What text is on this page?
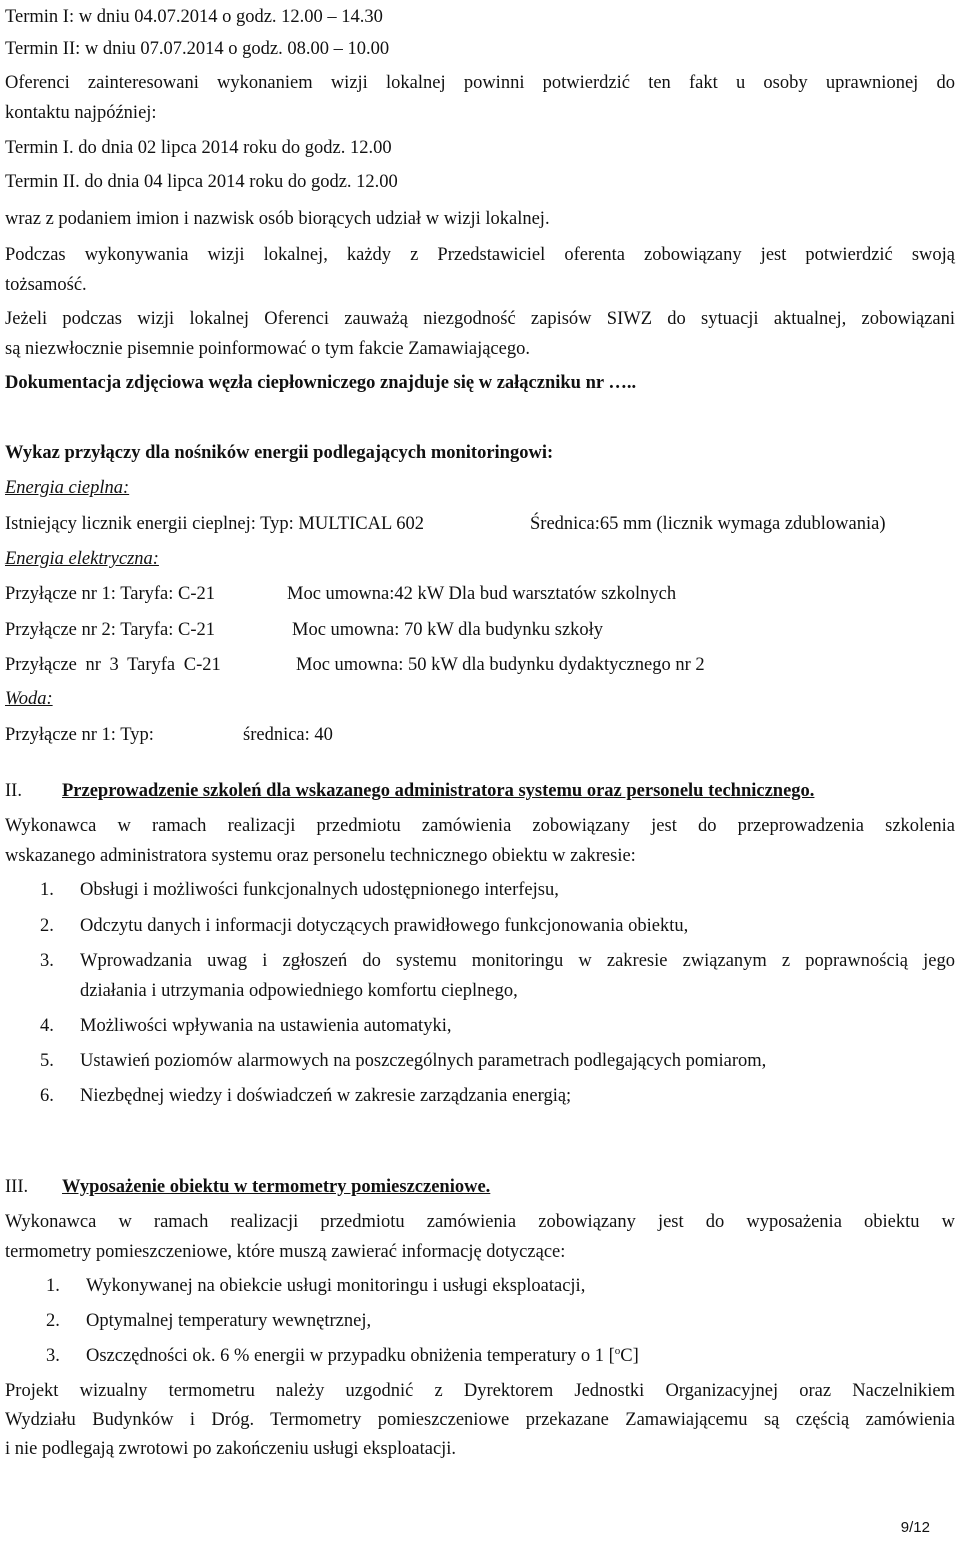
Termin I: w dniu 04.07.2014 o godz. 12.00 – 14.30
Termin II: w dniu 07.07.2014 o godz. 08.00 – 10.00
Oferenci zainteresowani wykonaniem wizji lokalnej powinni potwierdzić ten fakt u osoby uprawnionej do
kontaktu najpóźniej:
Termin I. do dnia 02 lipca 2014 roku do godz. 12.00
Termin II. do dnia 04 lipca 2014 roku do godz. 12.00
wraz z podaniem imion i nazwisk osób biorących udział w wizji lokalnej.
Podczas wykonywania wizji lokalnej, każdy z Przedstawiciel oferenta zobowiązany jest potwierdzić swoją
tożsamość.
Jeżeli podczas wizji lokalnej Oferenci zauważą niezgodność zapisów SIWZ do sytuacji aktualnej, zobowiązani
są niezwłocznie pisemnie poinformować o tym fakcie Zamawiającego.
Dokumentacja zdjęciowa węzła ciepłowniczego znajduje się w załączniku nr …..
Wykaz przyłączy dla nośników energii podlegających monitoringowi:
Energia cieplna:
Istniejący licznik energii cieplnej: Typ: MULTICAL 602	Średnica:65 mm (licznik wymaga zdublowania)
Energia elektryczna:
Przyłącze nr 1: Taryfa: C-21	Moc umowna:42 kW Dla bud warsztatów szkolnych
Przyłącze nr 2: Taryfa: C-21	Moc umowna: 70 kW dla budynku szkoły
Przyłącze nr 3 Taryfa C-21	Moc umowna: 50 kW dla budynku dydaktycznego nr 2
Woda:
Przyłącze nr 1: Typ:	średnica: 40
II. Przeprowadzenie szkoleń dla wskazanego administratora systemu oraz personelu technicznego.
Wykonawca w ramach realizacji przedmiotu zamówienia zobowiązany jest do przeprowadzenia szkolenia
wskazanego administratora systemu oraz personelu technicznego obiektu w zakresie:
1. Obsługi i możliwości funkcjonalnych udostępnionego interfejsu,
2. Odczytu danych i informacji dotyczących prawidłowego funkcjonowania obiektu,
3. Wprowadzania uwag i zgłoszeń do systemu monitoringu w zakresie związanym z poprawnością jego
działania i utrzymania odpowiedniego komfortu cieplnego,
4. Możliwości wpływania na ustawienia automatyki,
5. Ustawień poziomów alarmowych na poszczególnych parametrach podlegających pomiarom,
6. Niezbędnej wiedzy i doświadczeń w zakresie zarządzania energią;
III. Wyposażenie obiektu w termometry pomieszczeniowe.
Wykonawca w ramach realizacji przedmiotu zamówienia zobowiązany jest do wyposażenia obiektu w
termometry pomieszczeniowe, które muszą zawierać informację dotyczące:
1. Wykonywanej na obiekcie usługi monitoringu i usługi eksploatacji,
2. Optymalnej temperatury wewnętrznej,
3. Oszczędności ok. 6 % energii w przypadku obniżenia temperatury o 1 [$^o$C]
Projekt wizualny termometru należy uzgodnić z Dyrektorem Jednostki Organizacyjnej oraz Naczelnikiem
Wydziału Budynków i Dróg. Termometry pomieszczeniowe przekazane Zamawiającemu są częścią zamówienia
i nie podlegają zwrotowi po zakończeniu usługi eksploatacji.
9/12
